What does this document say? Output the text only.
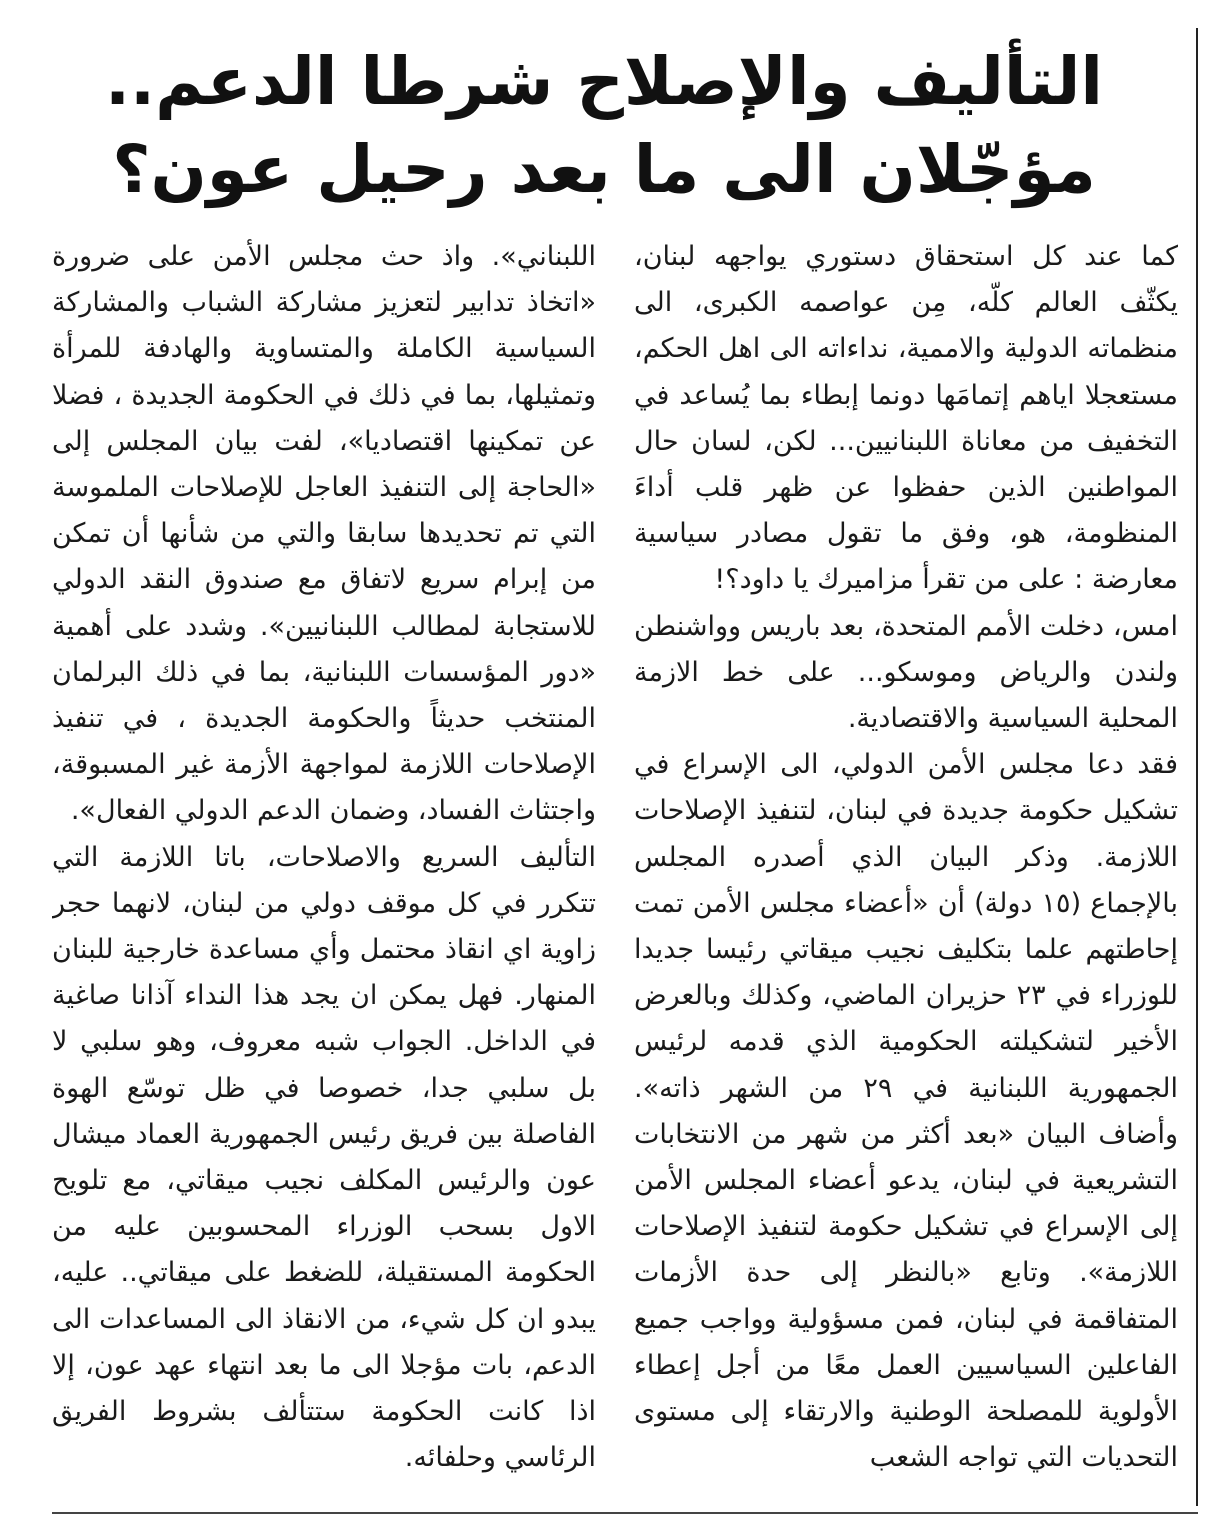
التأليف والإصلاح شرطا الدعم..
مؤجّلان الى ما بعد رحيل عون؟

كما عند كل استحقاق دستوري يواجهه لبنان، يكثّف العالم كلّه، مِن عواصمه الكبرى، الى منظماته الدولية والاممية، نداءاته الى اهل الحكم، مستعجلا اياهم إتمامَها دونما إبطاء بما يُساعد في التخفيف من معاناة اللبنانيين... لكن، لسان حال المواطنين الذين حفظوا عن ظهر قلب أداءَ المنظومة، هو، وفق ما تقول مصادر سياسية معارضة : على من تقرأ مزاميرك يا داود؟!

امس، دخلت الأمم المتحدة، بعد باريس وواشنطن ولندن والرياض وموسكو... على خط الازمة المحلية السياسية والاقتصادية.

فقد دعا مجلس الأمن الدولي، الى الإسراع في تشكيل حكومة جديدة في لبنان، لتنفيذ الإصلاحات اللازمة. وذكر البيان الذي أصدره المجلس بالإجماع (١٥ دولة) أن «أعضاء مجلس الأمن تمت إحاطتهم علما بتكليف نجيب ميقاتي رئيسا جديدا للوزراء في ٢٣ حزيران الماضي، وكذلك وبالعرض الأخير لتشكيلته الحكومية الذي قدمه لرئيس الجمهورية اللبنانية في ٢٩ من الشهر ذاته». وأضاف البيان «بعد أكثر من شهر من الانتخابات التشريعية في لبنان، يدعو أعضاء المجلس الأمن إلى الإسراع في تشكيل حكومة لتنفيذ الإصلاحات اللازمة». وتابع «بالنظر إلى حدة الأزمات المتفاقمة في لبنان، فمن مسؤولية وواجب جميع الفاعلين السياسيين العمل معًا من أجل إعطاء الأولوية للمصلحة الوطنية والارتقاء إلى مستوى التحديات التي تواجه الشعب

اللبناني». واذ حث مجلس الأمن على ضرورة «اتخاذ تدابير لتعزيز مشاركة الشباب والمشاركة السياسية الكاملة والمتساوية والهادفة للمرأة وتمثيلها، بما في ذلك في الحكومة الجديدة ، فضلا عن تمكينها اقتصاديا»، لفت بيان المجلس إلى «الحاجة إلى التنفيذ العاجل للإصلاحات الملموسة التي تم تحديدها سابقا والتي من شأنها أن تمكن من إبرام سريع لاتفاق مع صندوق النقد الدولي للاستجابة لمطالب اللبنانيين». وشدد على أهمية «دور المؤسسات اللبنانية، بما في ذلك البرلمان المنتخب حديثاً والحكومة الجديدة ، في تنفيذ الإصلاحات اللازمة لمواجهة الأزمة غير المسبوقة، واجتثاث الفساد، وضمان الدعم الدولي الفعال».

التأليف السريع والاصلاحات، باتا اللازمة التي تتكرر في كل موقف دولي من لبنان، لانهما حجر زاوية اي انقاذ محتمل وأي مساعدة خارجية للبنان المنهار. فهل يمكن ان يجد هذا النداء آذانا صاغية في الداخل. الجواب شبه معروف، وهو سلبي لا بل سلبي جدا، خصوصا في ظل توسّع الهوة الفاصلة بين فريق رئيس الجمهورية العماد ميشال عون والرئيس المكلف نجيب ميقاتي، مع تلويح الاول بسحب الوزراء المحسوبين عليه من الحكومة المستقيلة، للضغط على ميقاتي.. عليه، يبدو ان كل شيء، من الانقاذ الى المساعدات الى الدعم، بات مؤجلا الى ما بعد انتهاء عهد عون، إلا اذا كانت الحكومة ستتألف بشروط الفريق الرئاسي وحلفائه.
